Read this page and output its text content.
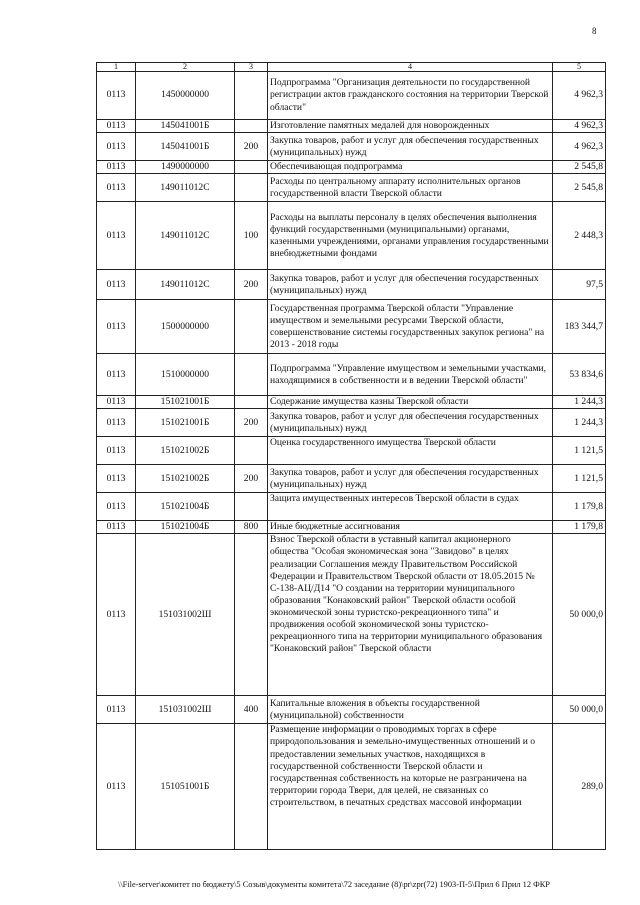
8
1	2	3	4	5
0113	1450000000		Подпрограмма "Организация деятельности по государственной регистрации актов гражданского состояния на территории Тверской области"	4 962,3
0113	145041001Б		Изготовление памятных медалей для новорожденных	4 962,3
0113	145041001Б	200	Закупка товаров, работ и услуг для обеспечения государственных (муниципальных) нужд	4 962,3
0113	1490000000		Обеспечивающая подпрограмма	2 545,8
0113	149011012С		Расходы по центральному аппарату исполнительных органов государственной власти Тверской области	2 545,8
0113	149011012С	100	Расходы на выплаты персоналу в целях обеспечения выполнения функций государственными (муниципальными) органами, казенными учреждениями, органами управления государственными внебюджетными фондами	2 448,3
0113	149011012С	200	Закупка товаров, работ и услуг для обеспечения государственных (муниципальных) нужд	97,5
0113	1500000000		Государственная программа Тверской области "Управление имуществом и земельными ресурсами Тверской области, совершенствование системы государственных закупок региона" на 2013 - 2018 годы	183 344,7
0113	1510000000		Подпрограмма "Управление имуществом и земельными участками, находящимися в собственности и в ведении Тверской области"	53 834,6
0113	151021001Б		Содержание имущества казны Тверской области	1 244,3
0113	151021001Б	200	Закупка товаров, работ и услуг для обеспечения государственных (муниципальных) нужд	1 244,3
0113	151021002Б		Оценка государственного имущества Тверской области	1 121,5
0113	151021002Б	200	Закупка товаров, работ и услуг для обеспечения государственных (муниципальных) нужд	1 121,5
0113	151021004Б		Защита имущественных интересов Тверской области в судах	1 179,8
0113	151021004Б	800	Иные бюджетные ассигнования	1 179,8
0113	151031002Ш		Взнос Тверской области в уставный капитал акционерного общества "Особая экономическая зона "Завидово" в целях реализации Соглашения между Правительством Российской Федерации и Правительством Тверской области от 18.05.2015 № С-138-АЦ/Д14 "О создании на территории муниципального образования "Конаковский район" Тверской области особой экономической зоны туристско-рекреационного типа" и продвижения особой экономической зоны туристско-рекреационного типа на территории муниципального образования "Конаковский район" Тверской области	50 000,0
0113	151031002Ш	400	Капитальные вложения в объекты государственной (муниципальной) собственности	50 000,0
0113	151051001Б		Размещение информации о проводимых торгах в сфере природопользования и земельно-имущественных отношений и о предоставлении земельных участков, находящихся в государственной собственности Тверской области и государственная собственность на которые не разграничена на территории города Твери, для целей, не связанных со строительством, в печатных средствах массовой информации	289,0
\\File-server\комитет по бюджету\5 Созыв\документы комитета\72 заседание (8)\pr\zpr(72) 1903-П-5\Прил 6 Прил 12 ФКР
